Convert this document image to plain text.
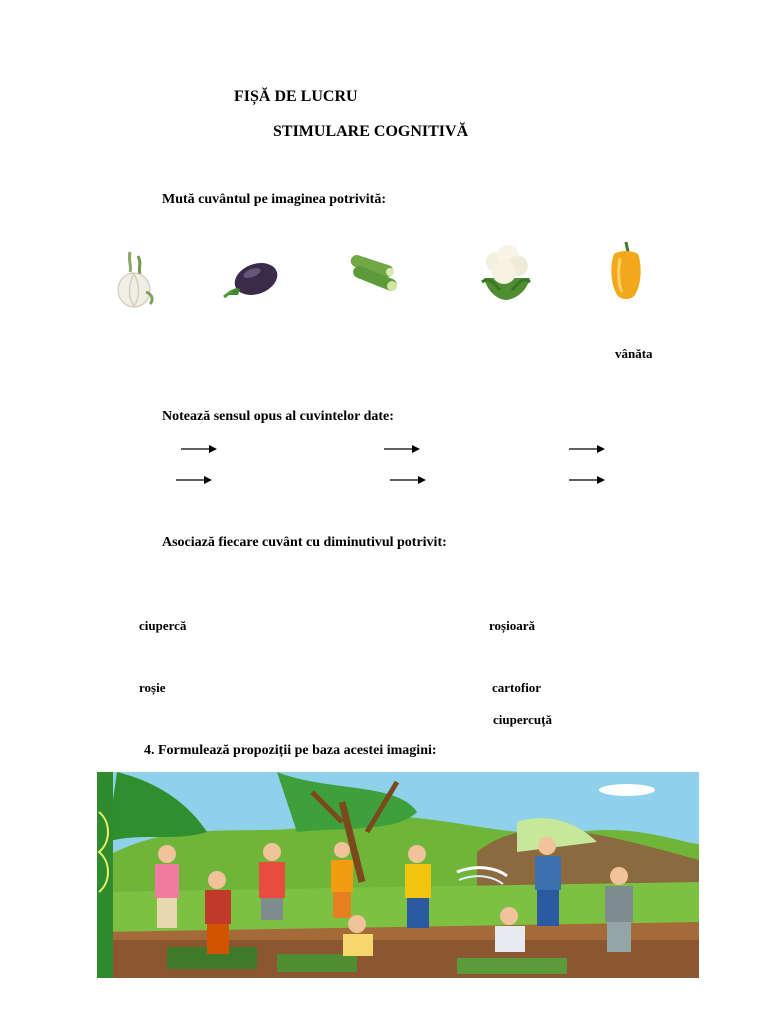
FIȘĂ DE LUCRU
STIMULARE COGNITIVĂ
Mută cuvântul pe imaginea potrivită:
vânăta
Notează sensul opus al cuvintelor date:
Asociază fiecare cuvânt cu diminutivul potrivit:
ciupercă
roșie
roșioară
cartofior
ciupercuță
4. Formulează propoziții pe baza acestei imagini:
